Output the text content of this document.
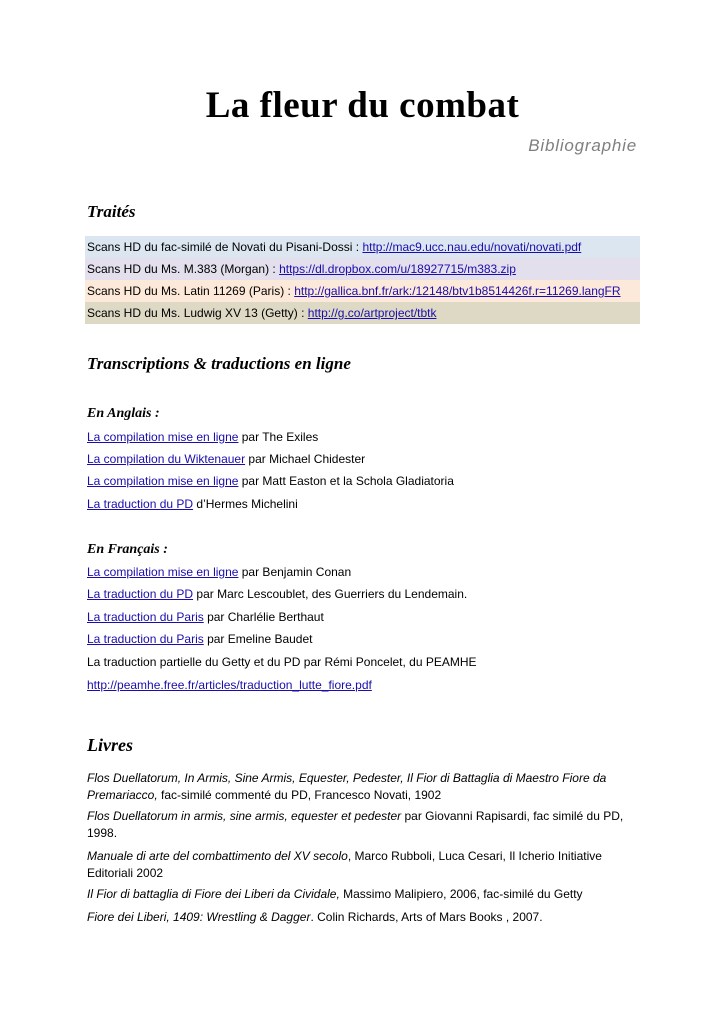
La fleur du combat
Bibliographie
Traités
Scans HD du fac-similé de Novati du Pisani-Dossi : http://mac9.ucc.nau.edu/novati/novati.pdf
Scans HD du Ms. M.383 (Morgan) : https://dl.dropbox.com/u/18927715/m383.zip
Scans HD du Ms. Latin 11269 (Paris) : http://gallica.bnf.fr/ark:/12148/btv1b8514426f.r=11269.langFR
Scans HD du Ms. Ludwig XV 13 (Getty) : http://g.co/artproject/tbtk
Transcriptions & traductions en ligne
En Anglais :
La compilation mise en ligne par The Exiles
La compilation du Wiktenauer par Michael Chidester
La compilation mise en ligne par Matt Easton et la Schola Gladiatoria
La traduction du PD d’Hermes Michelini
En Français :
La compilation mise en ligne par Benjamin Conan
La traduction du PD par Marc Lescoublet, des Guerriers du Lendemain.
La traduction du Paris par Charlélie Berthaut
La traduction du Paris par Emeline Baudet
La traduction partielle du Getty et du PD par Rémi Poncelet, du PEAMHE
http://peamhe.free.fr/articles/traduction_lutte_fiore.pdf
Livres
Flos Duellatorum, In Armis, Sine Armis, Equester, Pedester, Il Fior di Battaglia di Maestro Fiore da Premariacco, fac-similé commenté du PD, Francesco Novati, 1902
Flos Duellatorum in armis, sine armis, equester et pedester par Giovanni Rapisardi, fac similé du PD, 1998.
Manuale di arte del combattimento del XV secolo, Marco Rubboli, Luca Cesari, Il Icherio Initiative Editoriali 2002
Il Fior di battaglia di Fiore dei Liberi da Cividale, Massimo Malipiero, 2006, fac-similé du Getty
Fiore dei Liberi, 1409: Wrestling & Dagger. Colin Richards, Arts of Mars Books , 2007.
